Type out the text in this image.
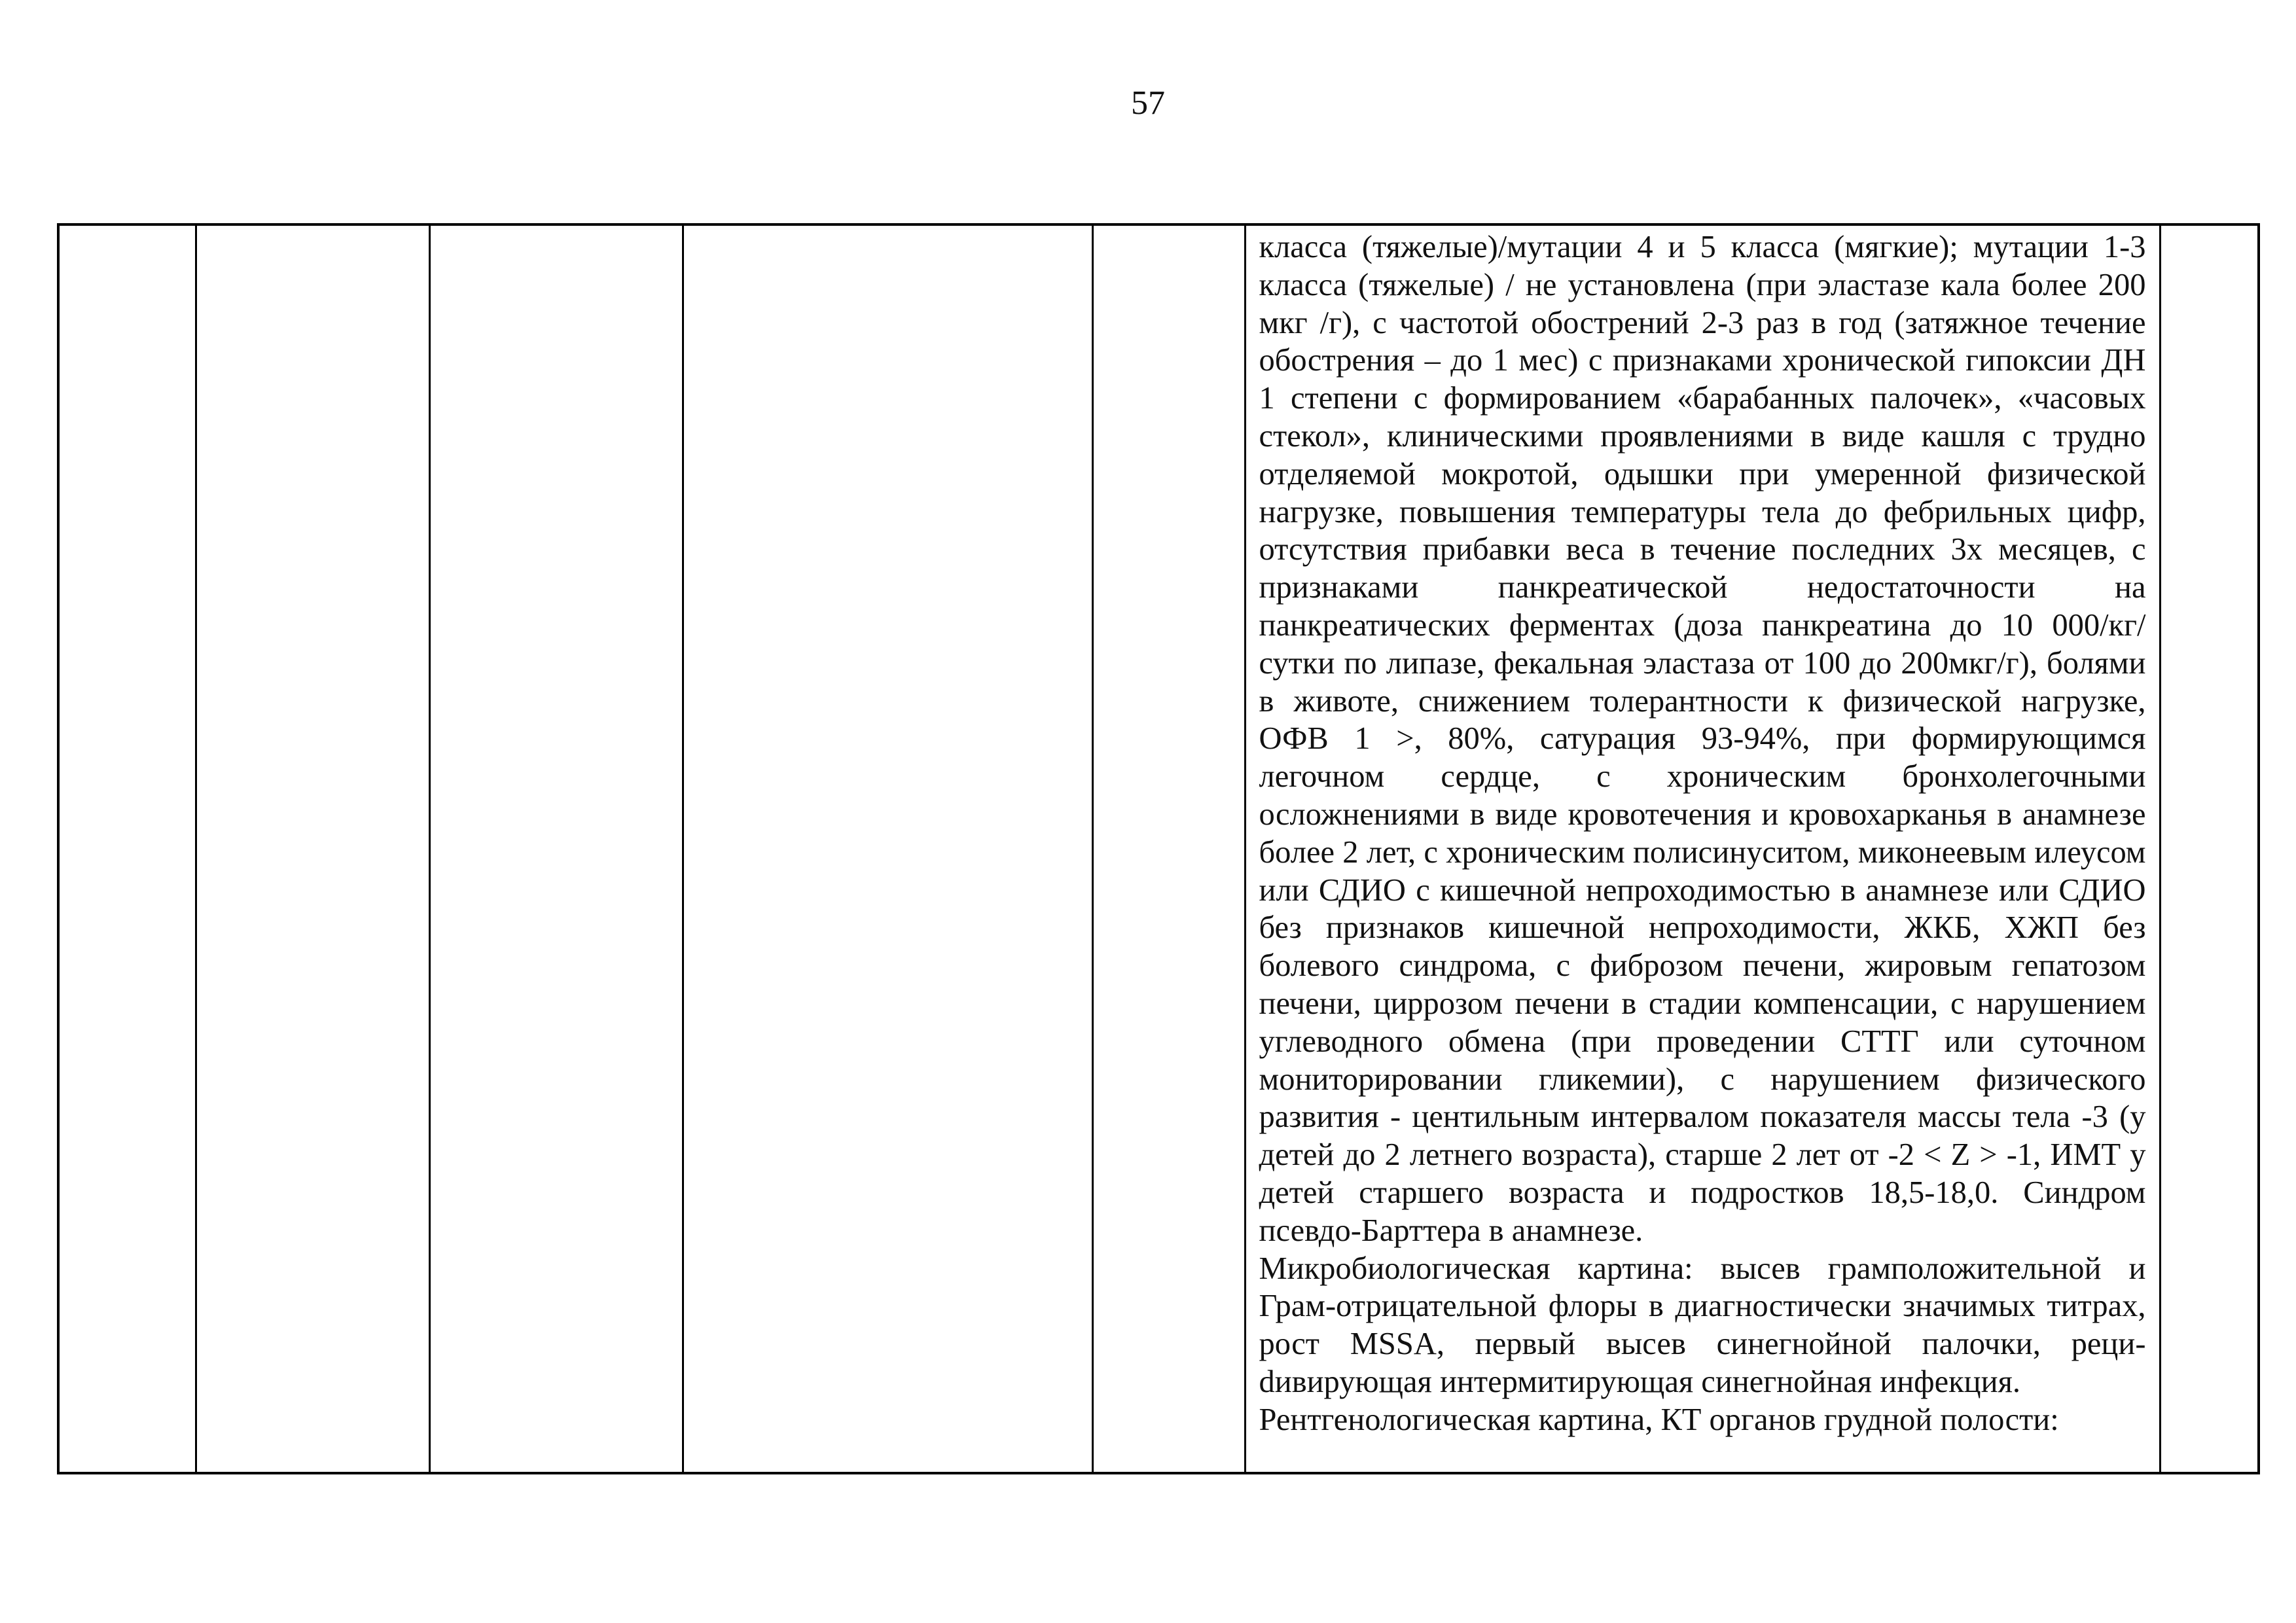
57

класса (тяжелые)/мутации 4 и 5 класса (мягкие); мутации 1-3 класса (тяжелые) / не установлена (при эластазе кала более 200 мкг /г), с частотой обострений 2-3 раз в год (затяжное течение обострения – до 1 мес) с признаками хронической гипоксии ДН 1 степени с формированием «барабанных палочек», «часовых стекол», клиническими проявлениями в виде кашля с трудно отделяемой мокротой, одышки при умеренной физической нагрузке, повышения температуры тела до фебрильных цифр, отсутствия прибавки веса в течение последних 3х месяцев, с признаками панкреатической недостаточности на панкреатических ферментах (доза панкреатина до 10 000/кг/сутки по липазе, фекальная эластаза от 100 до 200мкг/г), болями в животе, снижением толерантности к физической нагрузке, ОФВ 1 >, 80%, сатурация 93-94%, при формирующимся легочном сердце, с хроническим бронхолегочными осложнениями в виде кровотечения и кровохарканья в анамнезе более 2 лет, с хроническим полисинуситом, миконеевым илеусом или СДИО с кишечной непроходимостью в анамнезе или СДИО без признаков кишечной непроходимости, ЖКБ, ХЖП без болевого синдрома, с фиброзом печени, жировым гепатозом печени, циррозом печени в стадии компенсации, с нарушением углеводного обмена (при проведении СТТГ или суточном мониторировании гликемии), с нарушением физического развития - центильным интервалом показателя массы тела -3 (у детей до 2 летнего возраста), старше 2 лет от -2 < Z > -1, ИМТ у детей старшего возраста и подростков 18,5-18,0. Синдром псевдо-Барттера в анамнезе.

Микробиологическая картина: высев грамположительной и Грам-отрицательной флоры в диагностически значимых титрах, рост MSSA, первый высев синегнойной палочки, рециdивирующая интермитирующая синегнойная инфекция.

Рентгенологическая картина, КТ органов грудной полости:
